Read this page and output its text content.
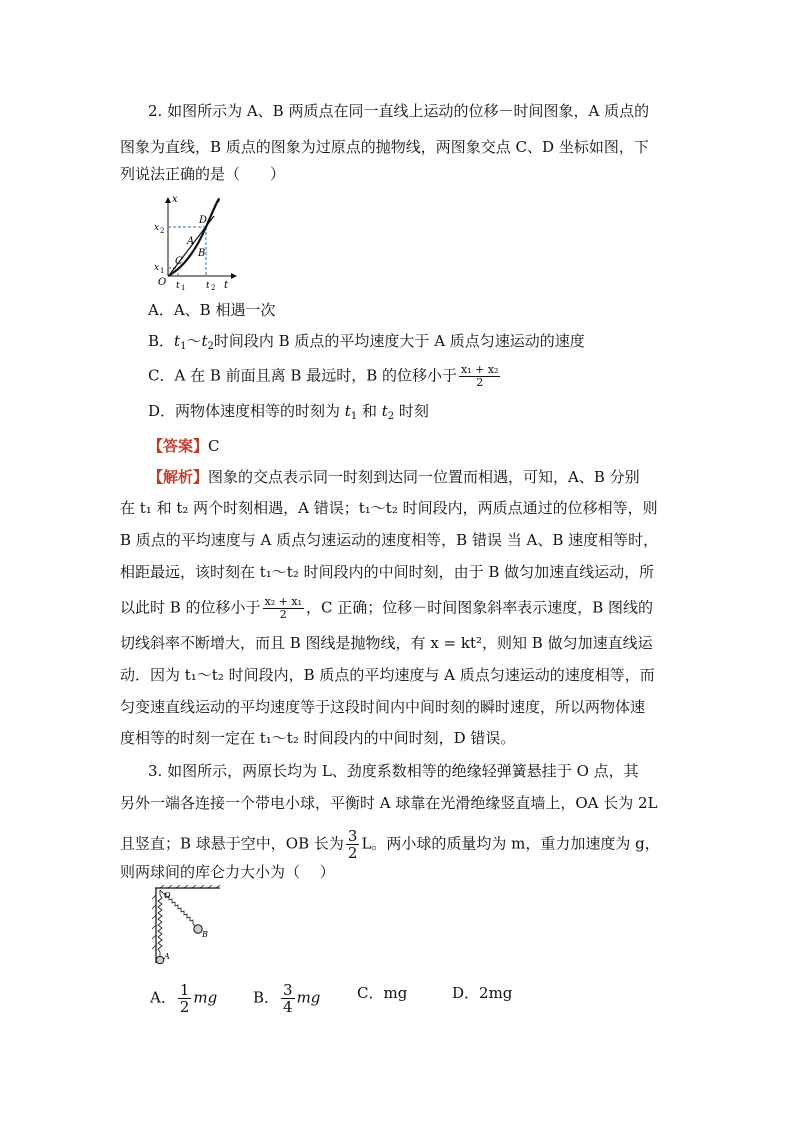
2. 如图所示为 A、B 两质点在同一直线上运动的位移－时间图象，A 质点的
图象为直线，B 质点的图象为过原点的抛物线，两图象交点 C、D 坐标如图，下
列说法正确的是（　　）
x
x 2
x 1
O
C
D
A
B
t 1 t 2 t
A．A、B 相遇一次
B．$t_1\sim t_2$时间段内 B 质点的平均速度大于 A 质点匀速运动的速度
C．A 在 B 前面且离 B 最远时，B 的位移小于 $\frac{\text{x₁ + x₂}}{2}$
D．两物体速度相等的时刻为 $t_1$ 和 $t_2$ 时刻
【答案】C
【解析】图象的交点表示同一时刻到达同一位置而相遇，可知，A、B 分别
在 t₁ 和 t₂ 两个时刻相遇，A 错误；t₁～t₂ 时间段内，两质点通过的位移相等，则
B 质点的平均速度与 A 质点匀速运动的速度相等，B 错误 当 A、B 速度相等时，
相距最远，该时刻在 t₁～t₂ 时间段内的中间时刻，由于 B 做匀加速直线运动，所
以此时 B 的位移小于 $\frac{\text{x₂ + x₁}}{2}$ ，C 正确；位移－时间图象斜率表示速度，B 图线的
切线斜率不断增大，而且 B 图线是抛物线，有 x = kt²，则知 B 做匀加速直线运
动．因为 t₁～t₂ 时间段内，B 质点的平均速度与 A 质点匀速运动的速度相等，而
匀变速直线运动的平均速度等于这段时间内中间时刻的瞬时速度，所以两物体速
度相等的时刻一定在 t₁～t₂ 时间段内的中间时刻，D 错误。
3. 如图所示，两原长均为 L、劲度系数相等的绝缘轻弹簧悬挂于 O 点，其
另外一端各连接一个带电小球，平衡时 A 球靠在光滑绝缘竖直墙上，OA 长为 2L
且竖直；B 球悬于空中，OB 长为 $\frac{3}{2}$ L。两小球的质量均为 m，重力加速度为 g，
则两球间的库仑力大小为（　 ）
O
A
B
A． $\frac{1}{2}$ mg B． $\frac{3}{4}$ mg C．mg	D．2mg
